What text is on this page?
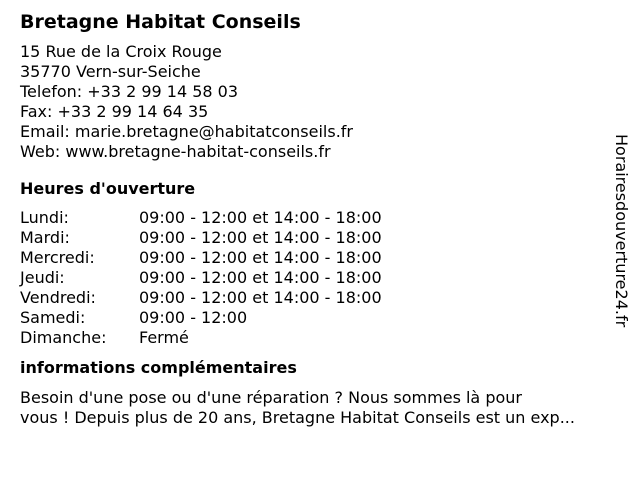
Bretagne Habitat Conseils
15 Rue de la Croix Rouge
35770 Vern-sur-Seiche
Telefon: +33 2 99 14 58 03
Fax: +33 2 99 14 64 35
Email: marie.bretagne@habitatconseils.fr
Web: www.bretagne-habitat-conseils.fr
Heures d'ouverture
Lundi:	09:00 - 12:00 et 14:00 - 18:00
Mardi:	09:00 - 12:00 et 14:00 - 18:00
Mercredi:	09:00 - 12:00 et 14:00 - 18:00
Jeudi:	09:00 - 12:00 et 14:00 - 18:00
Vendredi:	09:00 - 12:00 et 14:00 - 18:00
Samedi:	09:00 - 12:00
Dimanche:	Fermé
informations complémentaires
Besoin d'une pose ou d'une réparation ? Nous sommes là pour
vous ! Depuis plus de 20 ans, Bretagne Habitat Conseils est un exp...
Horairesdouverture24.fr
